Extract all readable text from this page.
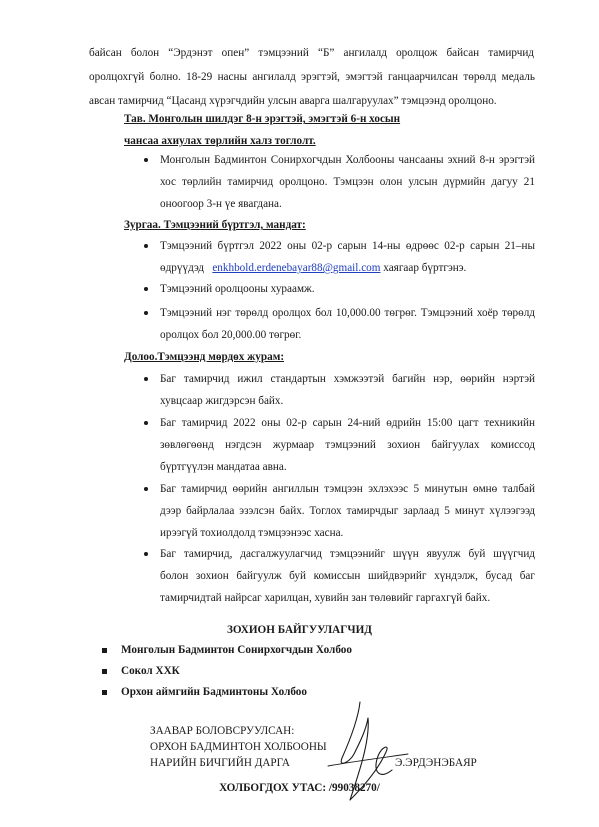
байсан болон “Эрдэнэт опен” тэмцээний “Б” ангилалд оролцож байсан тамирчид
оролцохгүй болно. 18-29 насны ангилалд эрэгтэй, эмэгтэй ганцаарчилсан төрөлд медаль
авсан тамирчид “Цасанд хүрэгчдийн улсын аварга шалгаруулах” тэмцээнд оролцоно.
Тав. Монголын шилдэг 8-н эрэгтэй, эмэгтэй 6-н хосын
чансаа ахиулах төрлийн халз тоглолт.
Монголын Бадминтон Сонирхогчдын Холбооны чансааны эхний 8-н эрэгтэй
хос төрлийн тамирчид оролцоно. Тэмцээн олон улсын дүрмийн дагуу 21
оноогоор 3-н үе явагдана.
Зургаа. Тэмцээний бүртгэл, мандат:
Тэмцээний бүртгэл 2022 оны 02-р сарын 14-ны өдрөөс 02-р сарын 21–ны
өдрүүдэд enkhbold.erdenebayar88@gmail.com хаягаар бүртгэнэ.
Тэмцээний оролцооны хураамж.
Тэмцээний нэг төрөлд оролцох бол 10,000.00 төгрөг. Тэмцээний хоёр төрөлд
оролцох бол 20,000.00 төгрөг.
Долоо.Тэмцээнд мөрдөх журам:
Баг тамирчид ижил стандартын хэмжээтэй багийн нэр, өөрийн нэртэй
хувцсаар жигдэрсэн байх.
Баг тамирчид 2022 оны 02-р сарын 24-ний өдрийн 15:00 цагт техникийн
зөвлөгөөнд нэгдсэн журмаар тэмцээний зохион байгуулах комиссод
бүртгүүлэн мандатаа авна.
Баг тамирчид өөрийн ангиллын тэмцээн эхлэхээс 5 минутын өмнө талбай
дээр байрлалаа эзэлсэн байх. Тоглох тамирчдыг зарлаад 5 минут хүлээгээд
ирээгүй тохиолдолд тэмцээнээс хасна.
Баг тамирчид, дасгалжуулагчид тэмцээнийг шүүн явуулж буй шүүгчид
болон зохион байгуулж буй комиссын шийдвэрийг хүндэлж, бусад баг
тамирчидтай найрсаг харилцан, хувийн зан төлөвийг гаргахгүй байх.
ЗОХИОН БАЙГУУЛАГЧИД
Монголын Бадминтон Сонирхогчдын Холбоо
Сокол ХХК
Орхон аймгийн Бадминтоны Холбоо
ЗААВАР БОЛОВСРУУЛСАН:
ОРХОН БАДМИНТОН ХОЛБООНЫ
НАРИЙН БИЧГИЙН ДАРГА	Э.ЭРДЭНЭБАЯР
ХОЛБОГДОХ УТАС: /99038270/
